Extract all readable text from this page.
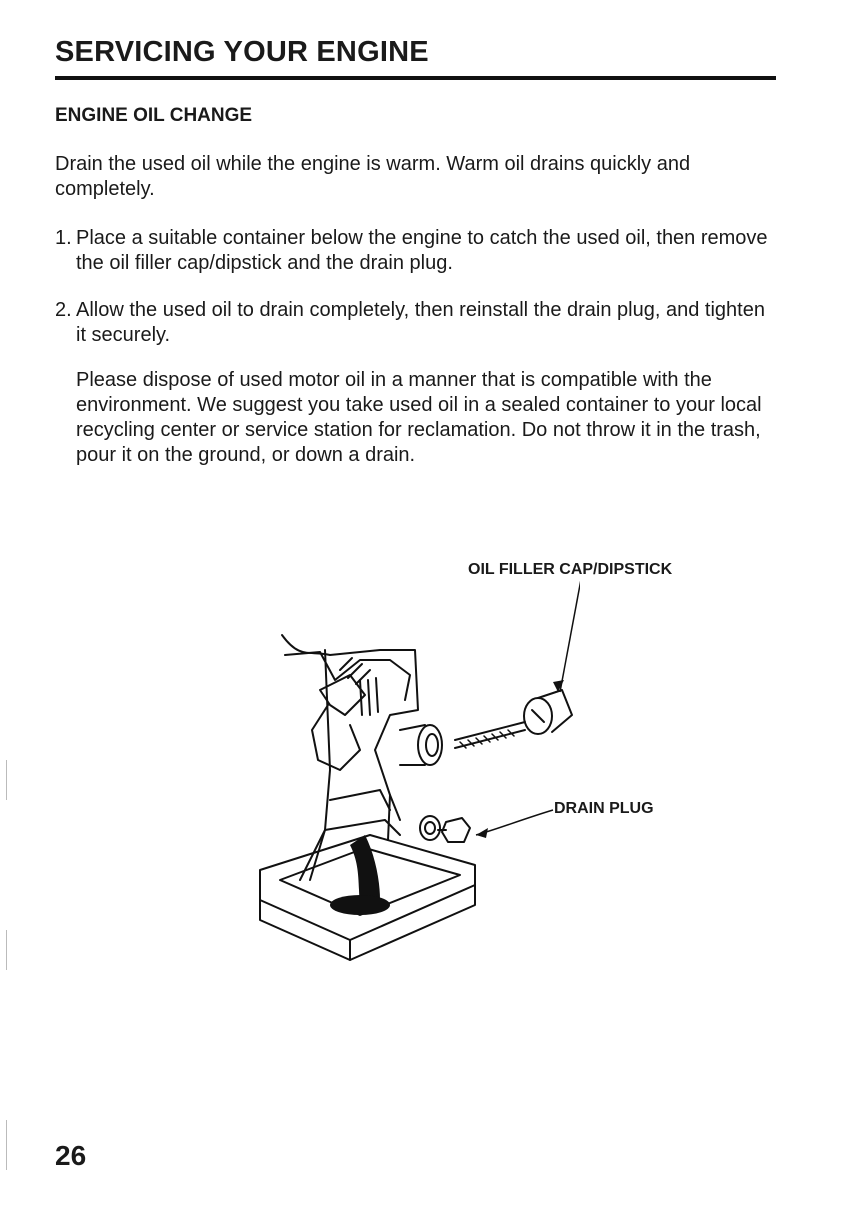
SERVICING YOUR ENGINE
ENGINE OIL CHANGE
Drain the used oil while the engine is warm. Warm oil drains quickly and completely.
1. Place a suitable container below the engine to catch the used oil, then remove the oil filler cap/dipstick and the drain plug.
2. Allow the used oil to drain completely, then reinstall the drain plug, and tighten it securely.
Please dispose of used motor oil in a manner that is compatible with the environment. We suggest you take used oil in a sealed container to your local recycling center or service station for reclamation. Do not throw it in the trash, pour it on the ground, or down a drain.
OIL FILLER CAP/DIPSTICK
DRAIN PLUG
26
